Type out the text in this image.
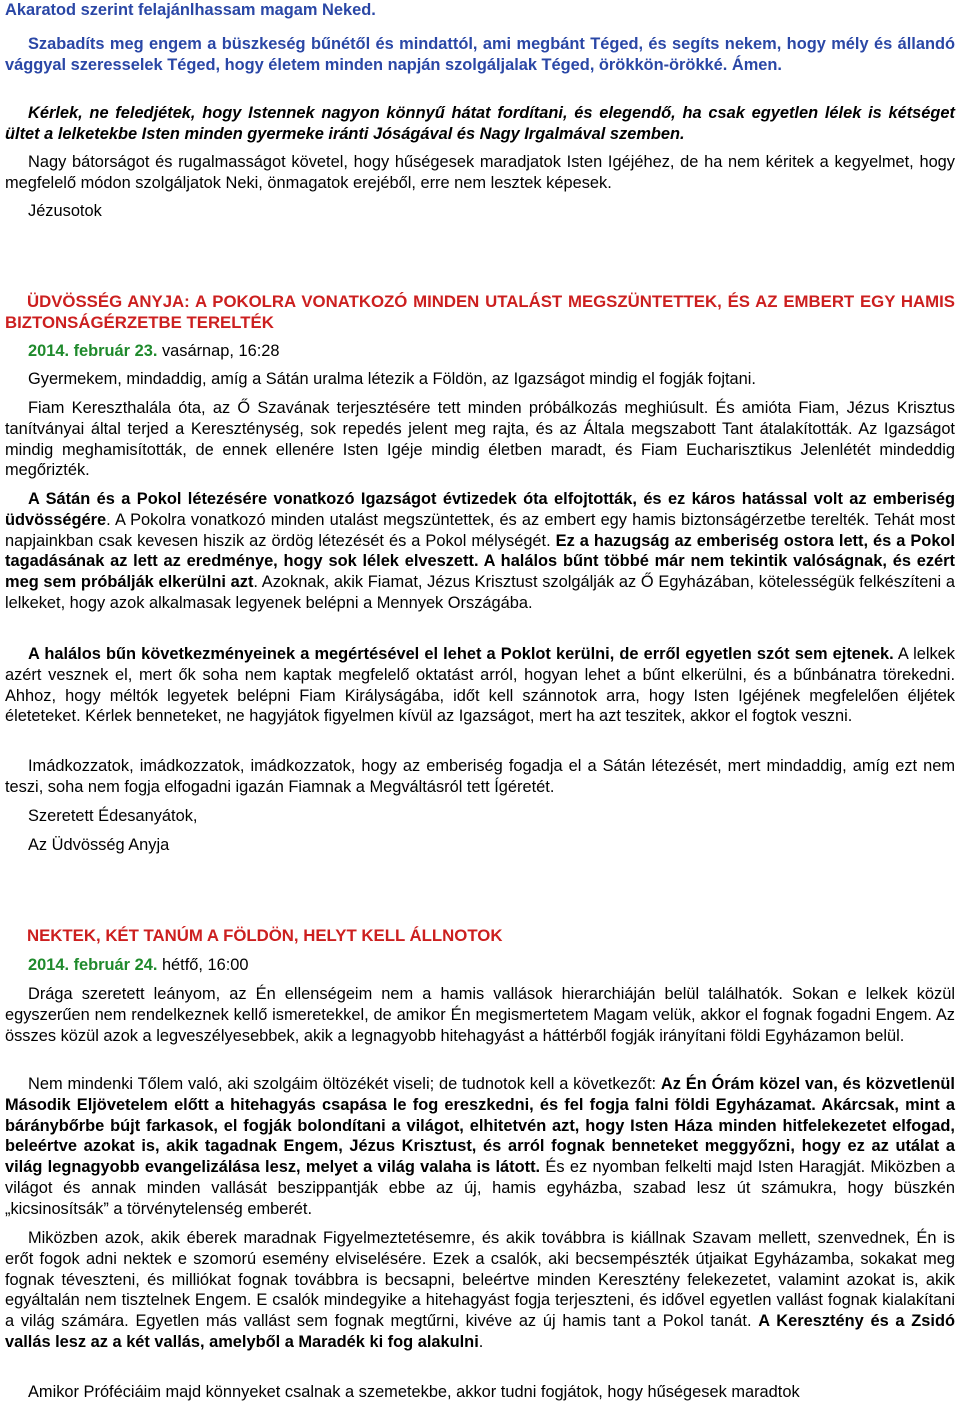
Akaratod szerint felajánlhassam magam Neked.

Szabadíts meg engem a büszkeség bűnétől és mindattól, ami megbánt Téged, és segíts nekem, hogy mély és állandó vággyal szeresselek Téged, hogy életem minden napján szolgáljalak Téged, örökkön-örökké. Ámen.

Kérlek, ne feledjétek, hogy Istennek nagyon könnyű hátat fordítani, és elegendő, ha csak egyetlen lélek is kétséget ültet a lelketekbe Isten minden gyermeke iránti Jóságával és Nagy Irgalmával szemben.

Nagy bátorságot és rugalmasságot követel, hogy hűségesek maradjatok Isten Igéjéhez, de ha nem kéritek a kegyelmet, hogy megfelelő módon szolgáljatok Neki, önmagatok erejéből, erre nem lesztek képesek.

Jézusotok

ÜDVÖSSÉG ANYJA: A POKOLRA VONATKOZÓ MINDEN UTALÁST MEGSZÜNTETTEK, ÉS AZ EMBERT EGY HAMIS BIZTONSÁGÉRZETBE TERELTÉK

2014. február 23. vasárnap, 16:28

Gyermekem, mindaddig, amíg a Sátán uralma létezik a Földön, az Igazságot mindig el fogják fojtani.

Fiam Kereszthalála óta, az Ő Szavának terjesztésére tett minden próbálkozás meghiúsult. És amióta Fiam, Jézus Krisztus tanítványai által terjed a Kereszténység, sok repedés jelent meg rajta, és az Általa megszabott Tant átalakították. Az Igazságot mindig meghamisították, de ennek ellenére Isten Igéje mindig életben maradt, és Fiam Eucharisztikus Jelenlétét mindeddig megőrizték.

A Sátán és a Pokol létezésére vonatkozó Igazságot évtizedek óta elfojtották, és ez káros hatással volt az emberiség üdvösségére. A Pokolra vonatkozó minden utalást megszüntettek, és az embert egy hamis biztonságérzetbe terelték. Tehát most napjainkban csak kevesen hiszik az ördög létezését és a Pokol mélységét. Ez a hazugság az emberiség ostora lett, és a Pokol tagadásának az lett az eredménye, hogy sok lélek elveszett. A halálos bűnt többé már nem tekintik valóságnak, és ezért meg sem próbálják elkerülni azt. Azoknak, akik Fiamat, Jézus Krisztust szolgálják az Ő Egyházában, kötelességük felkészíteni a lelkeket, hogy azok alkalmasak legyenek belépni a Mennyek Országába.

A halálos bűn következményeinek a megértésével el lehet a Poklot kerülni, de erről egyetlen szót sem ejtenek. A lelkek azért vesznek el, mert ők soha nem kaptak megfelelő oktatást arról, hogyan lehet a bűnt elkerülni, és a bűnbánatra törekedni. Ahhoz, hogy méltók legyetek belépni Fiam Királyságába, időt kell szánnotok arra, hogy Isten Igéjének megfelelően éljétek életeteket. Kérlek benneteket, ne hagyjátok figyelmen kívül az Igazságot, mert ha azt teszitek, akkor el fogtok veszni.

Imádkozzatok, imádkozzatok, imádkozzatok, hogy az emberiség fogadja el a Sátán létezését, mert mindaddig, amíg ezt nem teszi, soha nem fogja elfogadni igazán Fiamnak a Megváltásról tett Ígéretét.

Szeretett Édesanyátok,

Az Üdvösség Anyja

NEKTEK, KÉT TANÚM A FÖLDÖN, HELYT KELL ÁLLNOTOK

2014. február 24. hétfő, 16:00

Drága szeretett leányom, az Én ellenségeim nem a hamis vallások hierarchiáján belül találhatók. Sokan e lelkek közül egyszerűen nem rendelkeznek kellő ismeretekkel, de amikor Én megismertetem Magam velük, akkor el fognak fogadni Engem. Az összes közül azok a legveszélyesebbek, akik a legnagyobb hitehagyást a háttérből fogják irányítani földi Egyházamon belül.

Nem mindenki Tőlem való, aki szolgáim öltözékét viseli; de tudnotok kell a következőt: Az Én Órám közel van, és közvetlenül Második Eljövetelem előtt a hitehagyás csapása le fog ereszkedni, és fel fogja falni földi Egyházamat. Akárcsak, mint a báránybőrbe bújt farkasok, el fogják bolondítani a világot, elhitetvén azt, hogy Isten Háza minden hitfelekezetet elfogad, beleértve azokat is, akik tagadnak Engem, Jézus Krisztust, és arról fognak benneteket meggyőzni, hogy ez az utálat a világ legnagyobb evangelizálása lesz, melyet a világ valaha is látott. És ez nyomban felkelti majd Isten Haragját. Miközben a világot és annak minden vallását beszippantják ebbe az új, hamis egyházba, szabad lesz út számukra, hogy büszkén „kicsinosítsák” a törvénytelenség emberét.

Miközben azok, akik éberek maradnak Figyelmeztetésemre, és akik továbbra is kiállnak Szavam mellett, szenvednek, Én is erőt fogok adni nektek e szomorú esemény elviselésére. Ezek a csalók, aki becsempészték útjaikat Egyházamba, sokakat meg fognak téveszteni, és milliókat fognak továbbra is becsapni, beleértve minden Keresztény felekezetet, valamint azokat is, akik egyáltalán nem tisztelnek Engem. E csalók mindegyike a hitehagyást fogja terjeszteni, és idővel egyetlen vallást fognak kialakítani a világ számára. Egyetlen más vallást sem fognak megtűrni, kivéve az új hamis tant a Pokol tanát. A Keresztény és a Zsidó vallás lesz az a két vallás, amelyből a Maradék ki fog alakulni.

Amikor Próféciáim majd könnyeket csalnak a szemetekbe, akkor tudni fogjátok, hogy hűségesek maradtok
